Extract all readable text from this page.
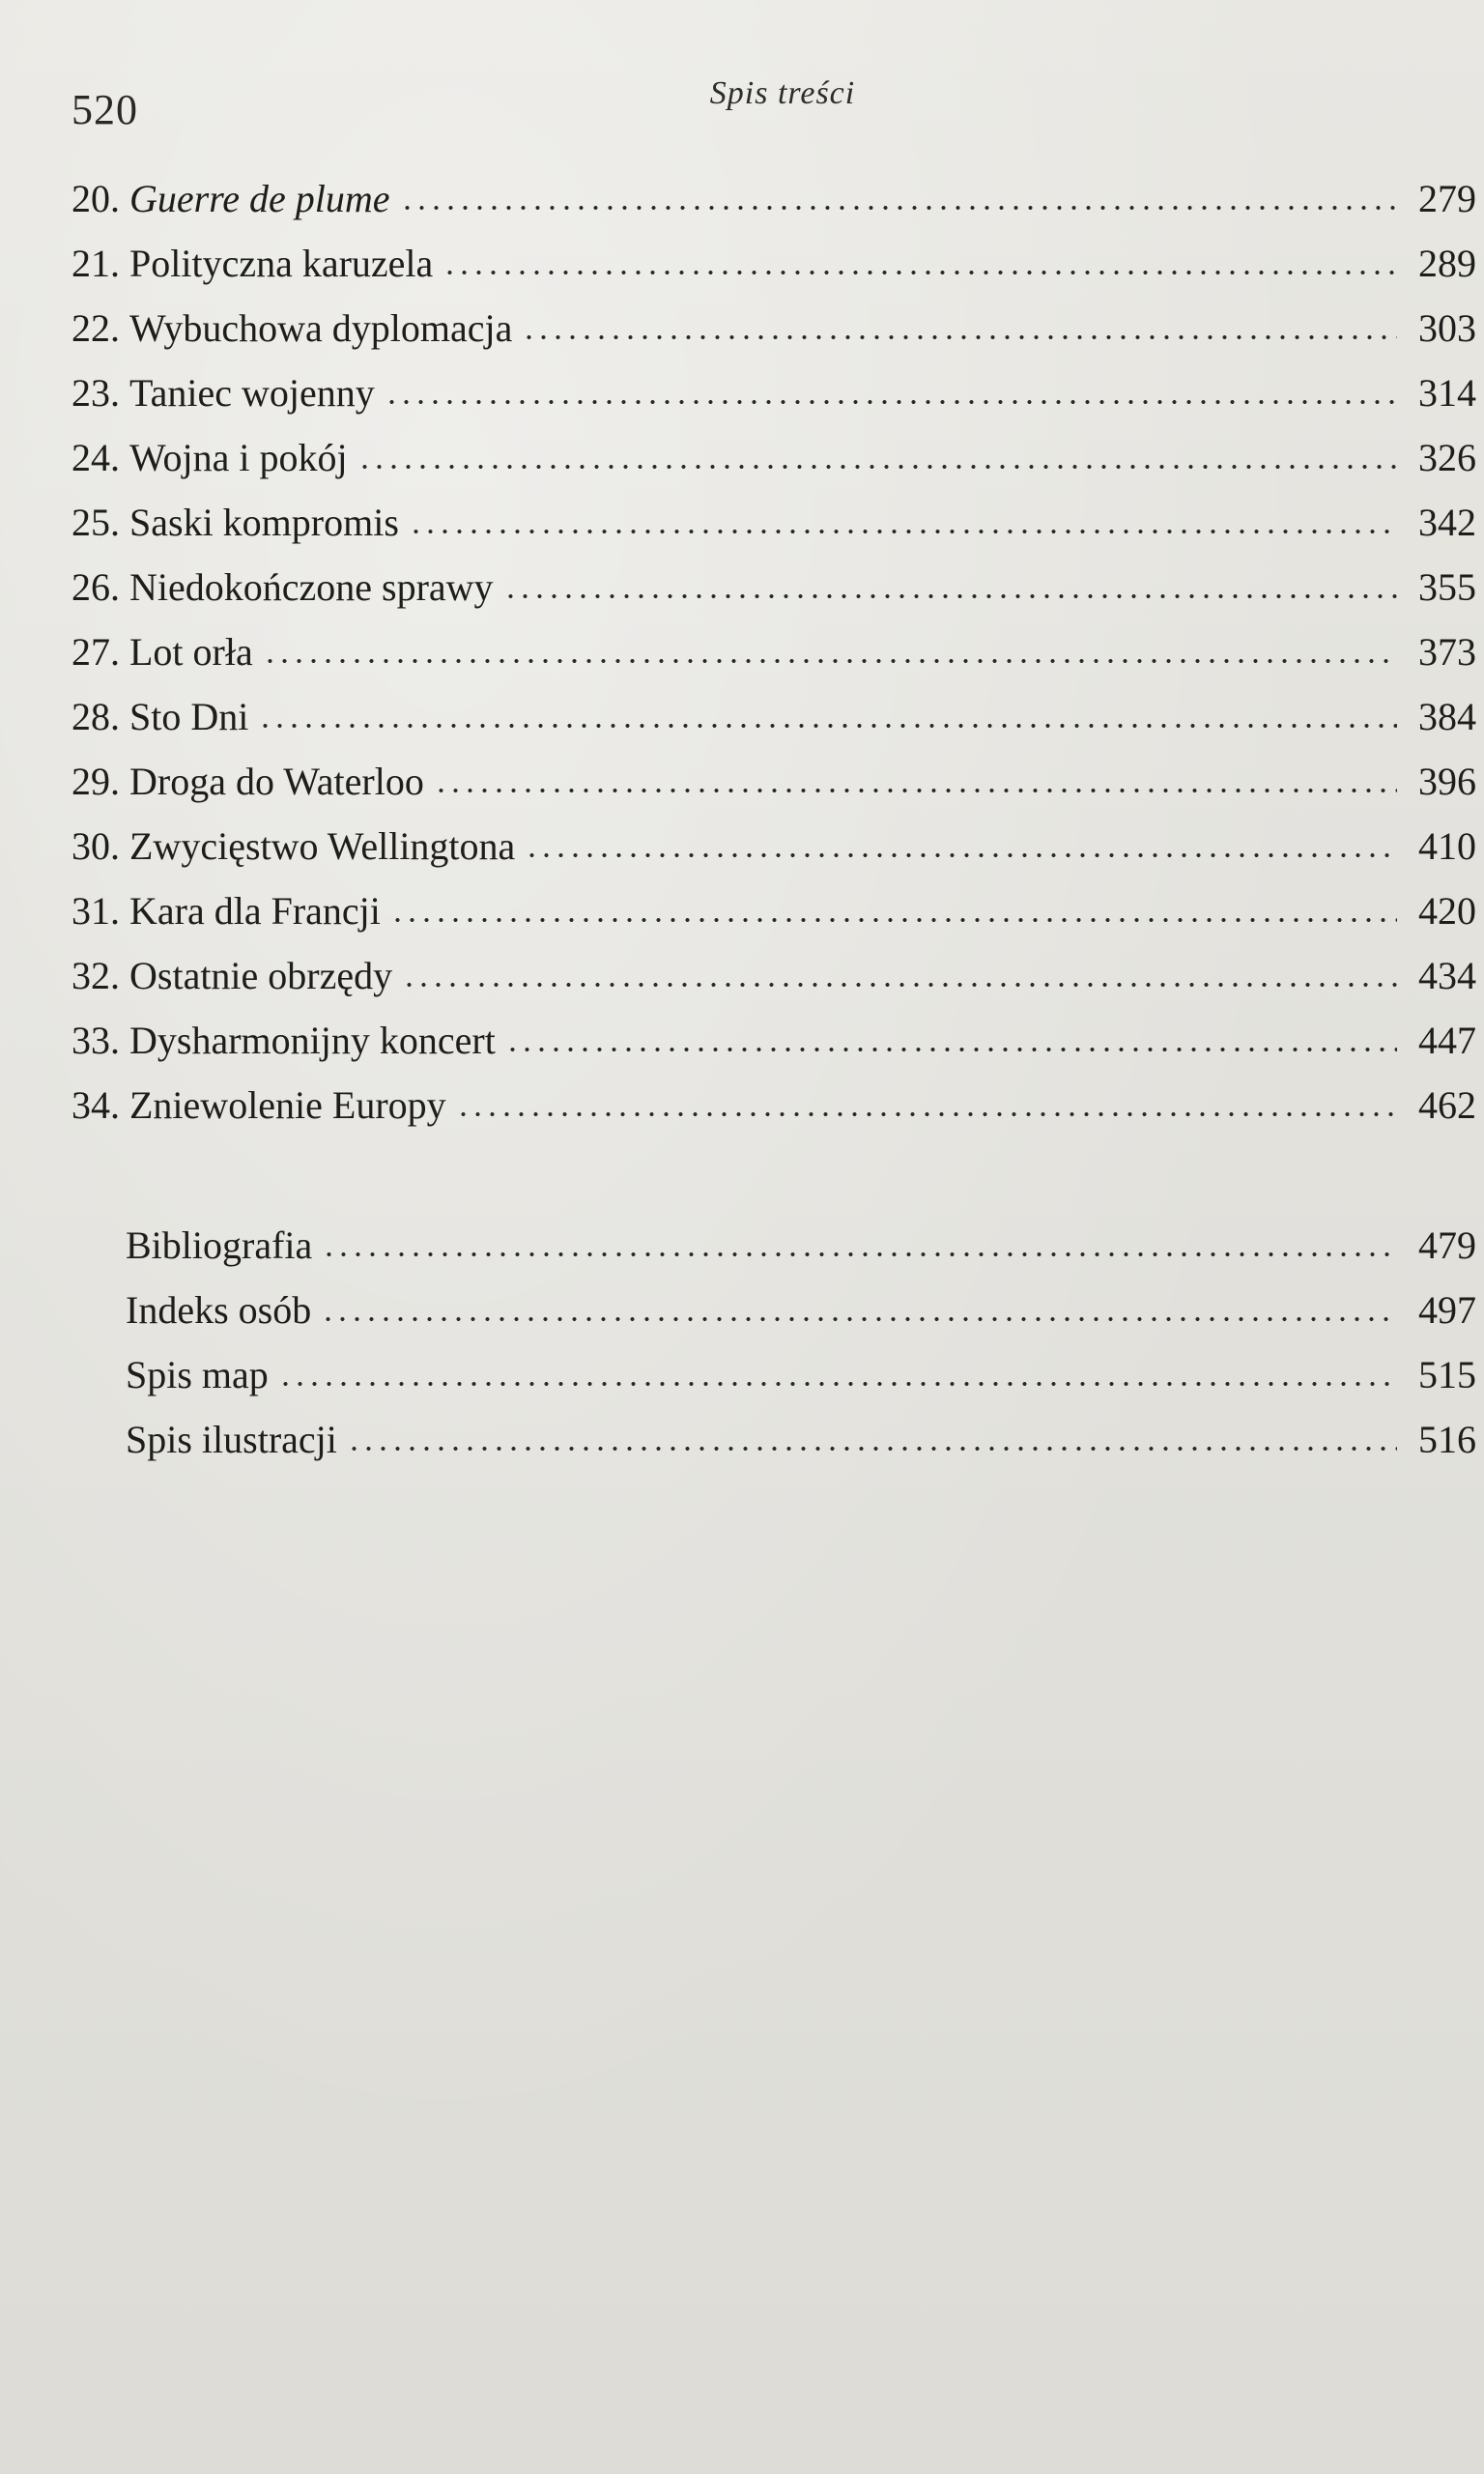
520	Spis treści
20. Guerre de plume	279
21. Polityczna karuzela	289
22. Wybuchowa dyplomacja	303
23. Taniec wojenny	314
24. Wojna i pokój	326
25. Saski kompromis	342
26. Niedokończone sprawy	355
27. Lot orła	373
28. Sto Dni	384
29. Droga do Waterloo	396
30. Zwycięstwo Wellingtona	410
31. Kara dla Francji	420
32. Ostatnie obrzędy	434
33. Dysharmonijny koncert	447
34. Zniewolenie Europy	462
Bibliografia	479
Indeks osób	497
Spis map	515
Spis ilustracji	516
